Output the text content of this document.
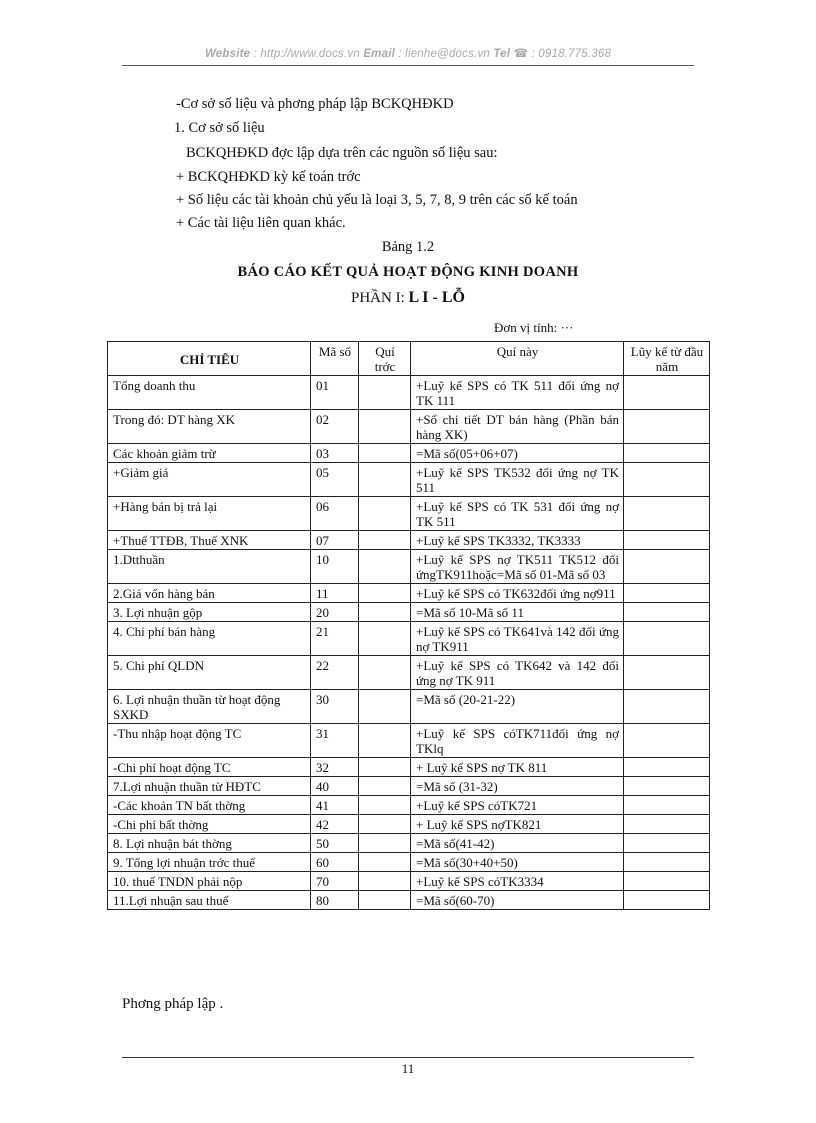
Website : http://www.docs.vn Email : lienhe@docs.vn Tel ☎ : 0918.775.368
-Cơ sở số liệu và phơng pháp lập BCKQHĐKD
1. Cơ sở số liệu
BCKQHĐKD đợc lập dựa trên các nguồn số liệu sau:
+ BCKQHĐKD kỳ kế toán trớc
+ Số liệu các tài khoản chủ yếu là loại 3, 5, 7, 8, 9 trên các sổ kế toán
+ Các tài liệu liên quan khác.
Bảng 1.2
BÁO CÁO KẾT QUẢ HOẠT ĐỘNG KINH DOANH
PHẦN I: L I - LỖ
Đơn vị tính: ···
CHỈ TIÊU	Mã số	Quí trớc	Quí này	Lũy kế từ đầu năm
Tổng doanh thu	01		+Luỹ kế SPS có TK 511 đối ứng nợ TK 111	
Trong đó: DT hàng XK	02		+Sổ chi tiết DT bán hàng (Phần bán hàng XK)	
Các khoản giảm trừ	03		=Mã số(05+06+07)	
+Giảm giá	05		+Luỹ kế SPS TK532 đối ứng nợ TK 511	
+Hàng bán bị trả lại	06		+Luỹ kế SPS có TK 531 đối ứng nợ TK 511	
+Thuế TTĐB, Thuế XNK	07		+Luỹ kế SPS TK3332, TK3333	
1.Dtthuần	10		+Luỹ kế SPS nợ TK511 TK512 đối ứngTK911hoặc=Mã số 01-Mã số 03	
2.Giá vốn hàng bán	11		+Luỹ kế SPS có TK632đối ứng nợ911	
3. Lợi nhuận gộp	20		=Mã số 10-Mã số 11	
4. Chi phí bán hàng	21		+Luỹ kế SPS có TK641và 142 đối ứng nợ TK911	
5. Chi phí QLDN	22		+Luỹ kế SPS có TK642 và 142 đối ứng nợ TK 911	
6. Lợi nhuận thuần từ hoạt động SXKD	30		=Mã số (20-21-22)	
-Thu nhập hoạt động TC	31		+Luỹ kế SPS cóTK711đối ứng nợ TKlq	
-Chi phí hoạt động TC	32		+ Luỹ kế SPS nợ TK 811	
7.Lợi nhuận thuần từ HĐTC	40		=Mã số (31-32)	
-Các khoản TN bất thờng	41		+Luỹ kế SPS cóTK721	
-Chi phí bất thờng	42		+ Luỹ kế SPS nợTK821	
8. Lợi nhuận bát thờng	50		=Mã số(41-42)	
9. Tổng lợi nhuận trớc thuế	60		=Mã số(30+40+50)	
10. thuế TNDN phải nộp	70		+Luỹ kế SPS cóTK3334	
11.Lợi nhuận sau thuế	80		=Mã số(60-70)	
Phơng pháp lập .
11
